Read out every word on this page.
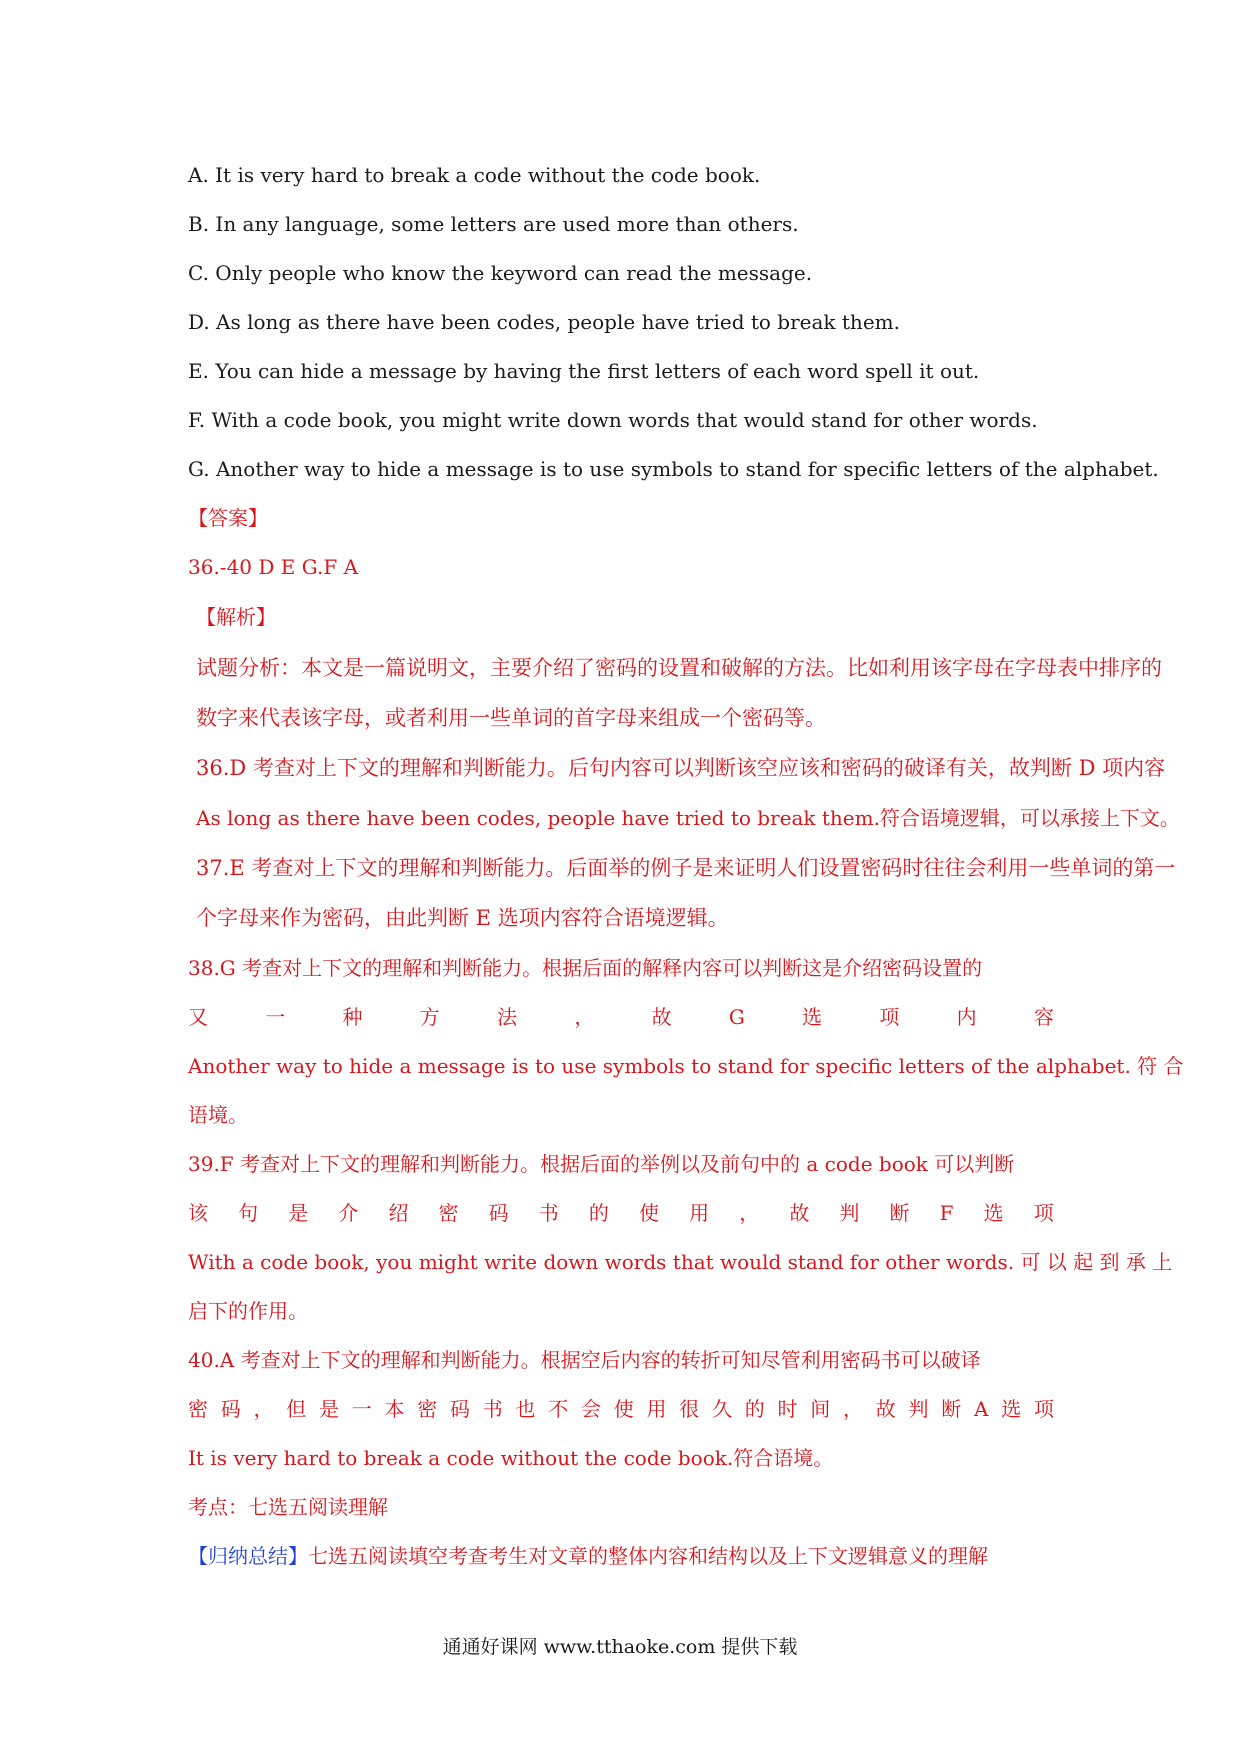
A. It is very hard to break a code without the code book.
B. In any language, some letters are used more than others.
C. Only people who know the keyword can read the message.
D. As long as there have been codes, people have tried to break them.
E. You can hide a message by having the first letters of each word spell it out.
F. With a code book, you might write down words that would stand for other words.
G. Another way to hide a message is to use symbols to stand for specific letters of the alphabet.
【答案】
36.-40 D E G.F A
【解析】
试题分析：本文是一篇说明文，主要介绍了密码的设置和破解的方法。比如利用该字母在字母表中排序的
数字来代表该字母，或者利用一些单词的首字母来组成一个密码等。
36.D 考查对上下文的理解和判断能力。后句内容可以判断该空应该和密码的破译有关，故判断 D 项内容
As long as there have been codes, people have tried to break them.符合语境逻辑，可以承接上下文。
37.E 考查对上下文的理解和判断能力。后面举的例子是来证明人们设置密码时往往会利用一些单词的第一
个字母来作为密码，由此判断 E 选项内容符合语境逻辑。
38.G 考查对上下文的理解和判断能力。根据后面的解释内容可以判断这是介绍密码设置的
又	一	种	方	法	，	故	G	选	项	内	容
Another way to hide a message is to use symbols to stand for specific letters of the alphabet. 符 合
语境。
39.F 考查对上下文的理解和判断能力。根据后面的举例以及前句中的 a code book 可以判断
该 句 是 介 绍 密 码 书 的 使 用 ， 故 判 断 F 选 项
With a code book, you might write down words that would stand for other words. 可 以 起 到 承 上
启下的作用。
40.A 考查对上下文的理解和判断能力。根据空后内容的转折可知尽管利用密码书可以破译
密 码 ， 但 是 一 本 密 码 书 也 不 会 使 用 很 久 的 时 间 ， 故 判 断 A 选 项
It is very hard to break a code without the code book.符合语境。
考点：七选五阅读理解
【归纳总结】七选五阅读填空考查考生对文章的整体内容和结构以及上下文逻辑意义的理解
通通好课网 www.tthaoke.com 提供下载
